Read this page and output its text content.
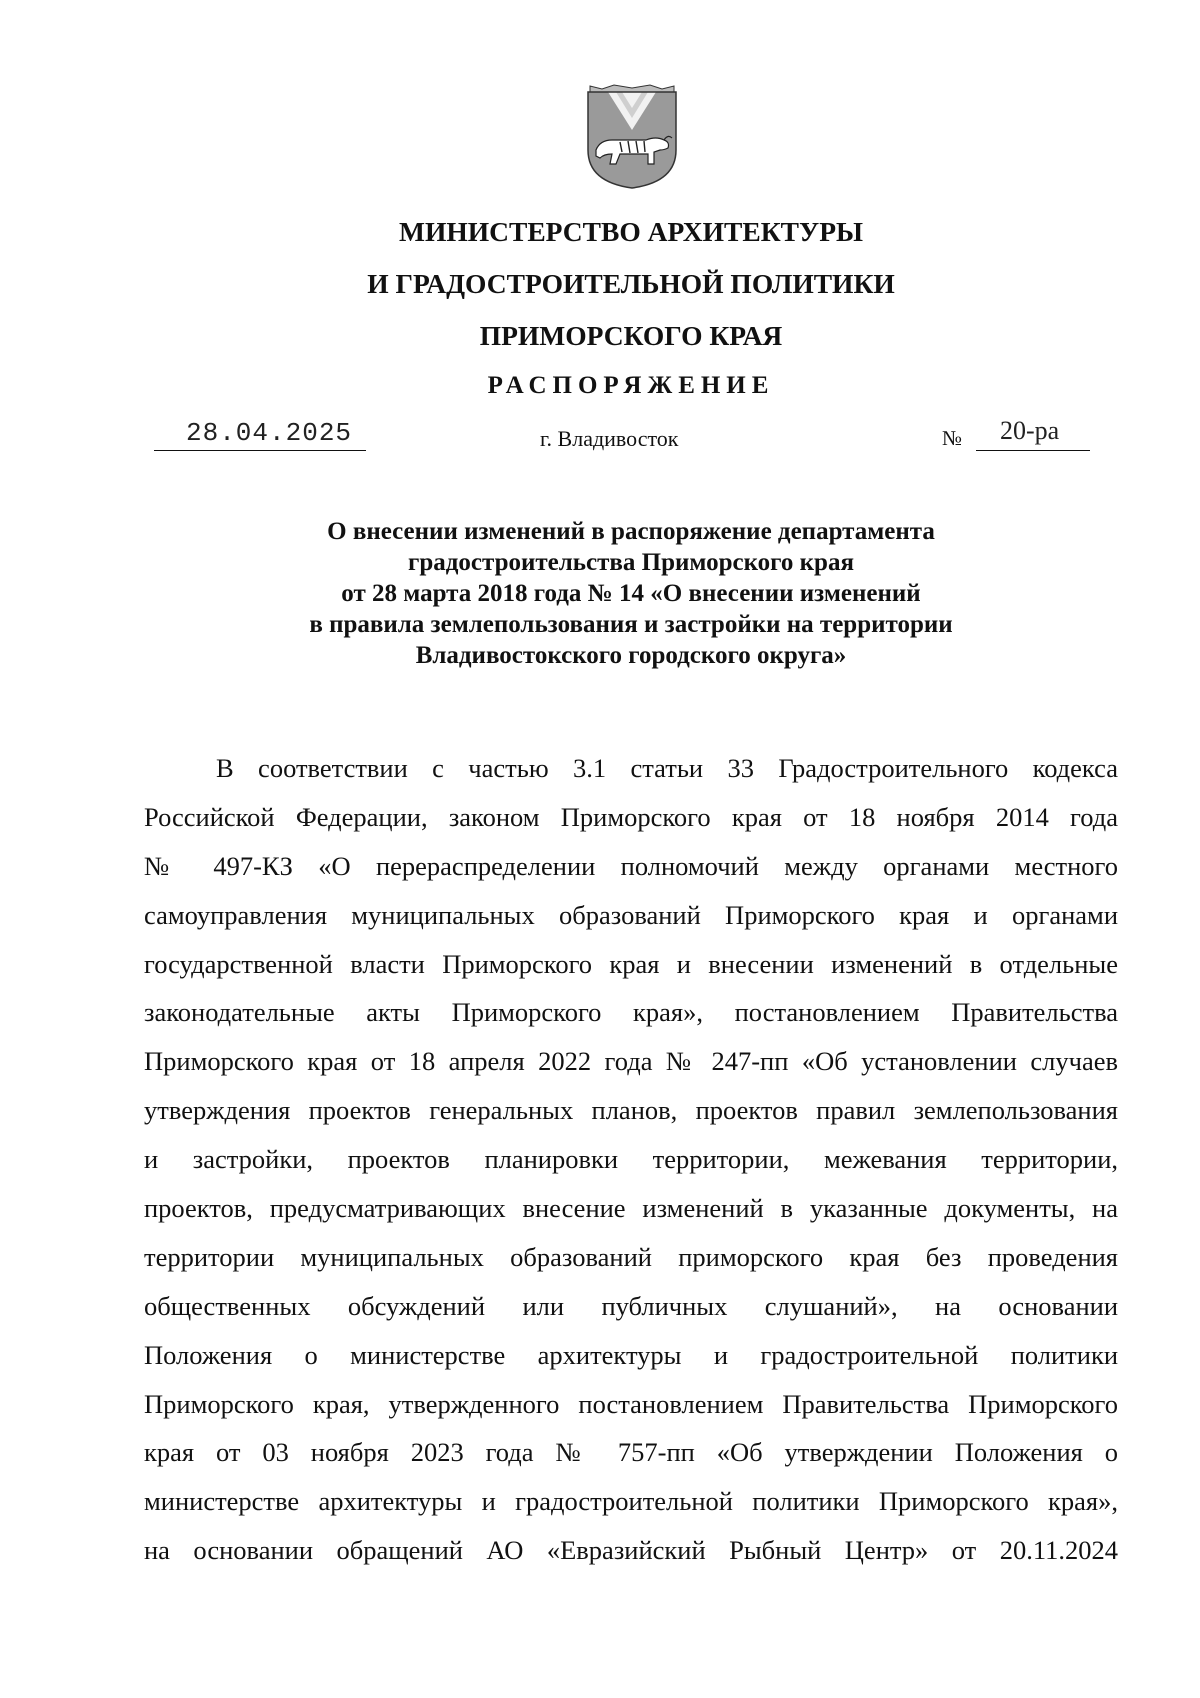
МИНИСТЕРСТВО АРХИТЕКТУРЫ
И ГРАДОСТРОИТЕЛЬНОЙ ПОЛИТИКИ
ПРИМОРСКОГО КРАЯ
РАСПОРЯЖЕНИЕ
28.04.2025	г. Владивосток	№ 20-ра
О внесении изменений в распоряжение департамента
градостроительства Приморского края
от 28 марта 2018 года № 14 «О внесении изменений
в правила землепользования и застройки на территории
Владивостокского городского округа»
В соответствии с частью 3.1 статьи 33 Градостроительного кодекса
Российской Федерации, законом Приморского края от 18 ноября 2014 года
№ 497-КЗ «О перераспределении полномочий между органами местного
самоуправления муниципальных образований Приморского края и органами
государственной власти Приморского края и внесении изменений в отдельные
законодательные акты Приморского края», постановлением Правительства
Приморского края от 18 апреля 2022 года № 247-пп «Об установлении случаев
утверждения проектов генеральных планов, проектов правил землепользования
и застройки, проектов планировки территории, межевания территории,
проектов, предусматривающих внесение изменений в указанные документы, на
территории муниципальных образований приморского края без проведения
общественных обсуждений или публичных слушаний», на основании
Положения о министерстве архитектуры и градостроительной политики
Приморского края, утвержденного постановлением Правительства Приморского
края от 03 ноября 2023 года № 757-пп «Об утверждении Положения о
министерстве архитектуры и градостроительной политики Приморского края»,
на основании обращений АО «Евразийский Рыбный Центр» от 20.11.2024
